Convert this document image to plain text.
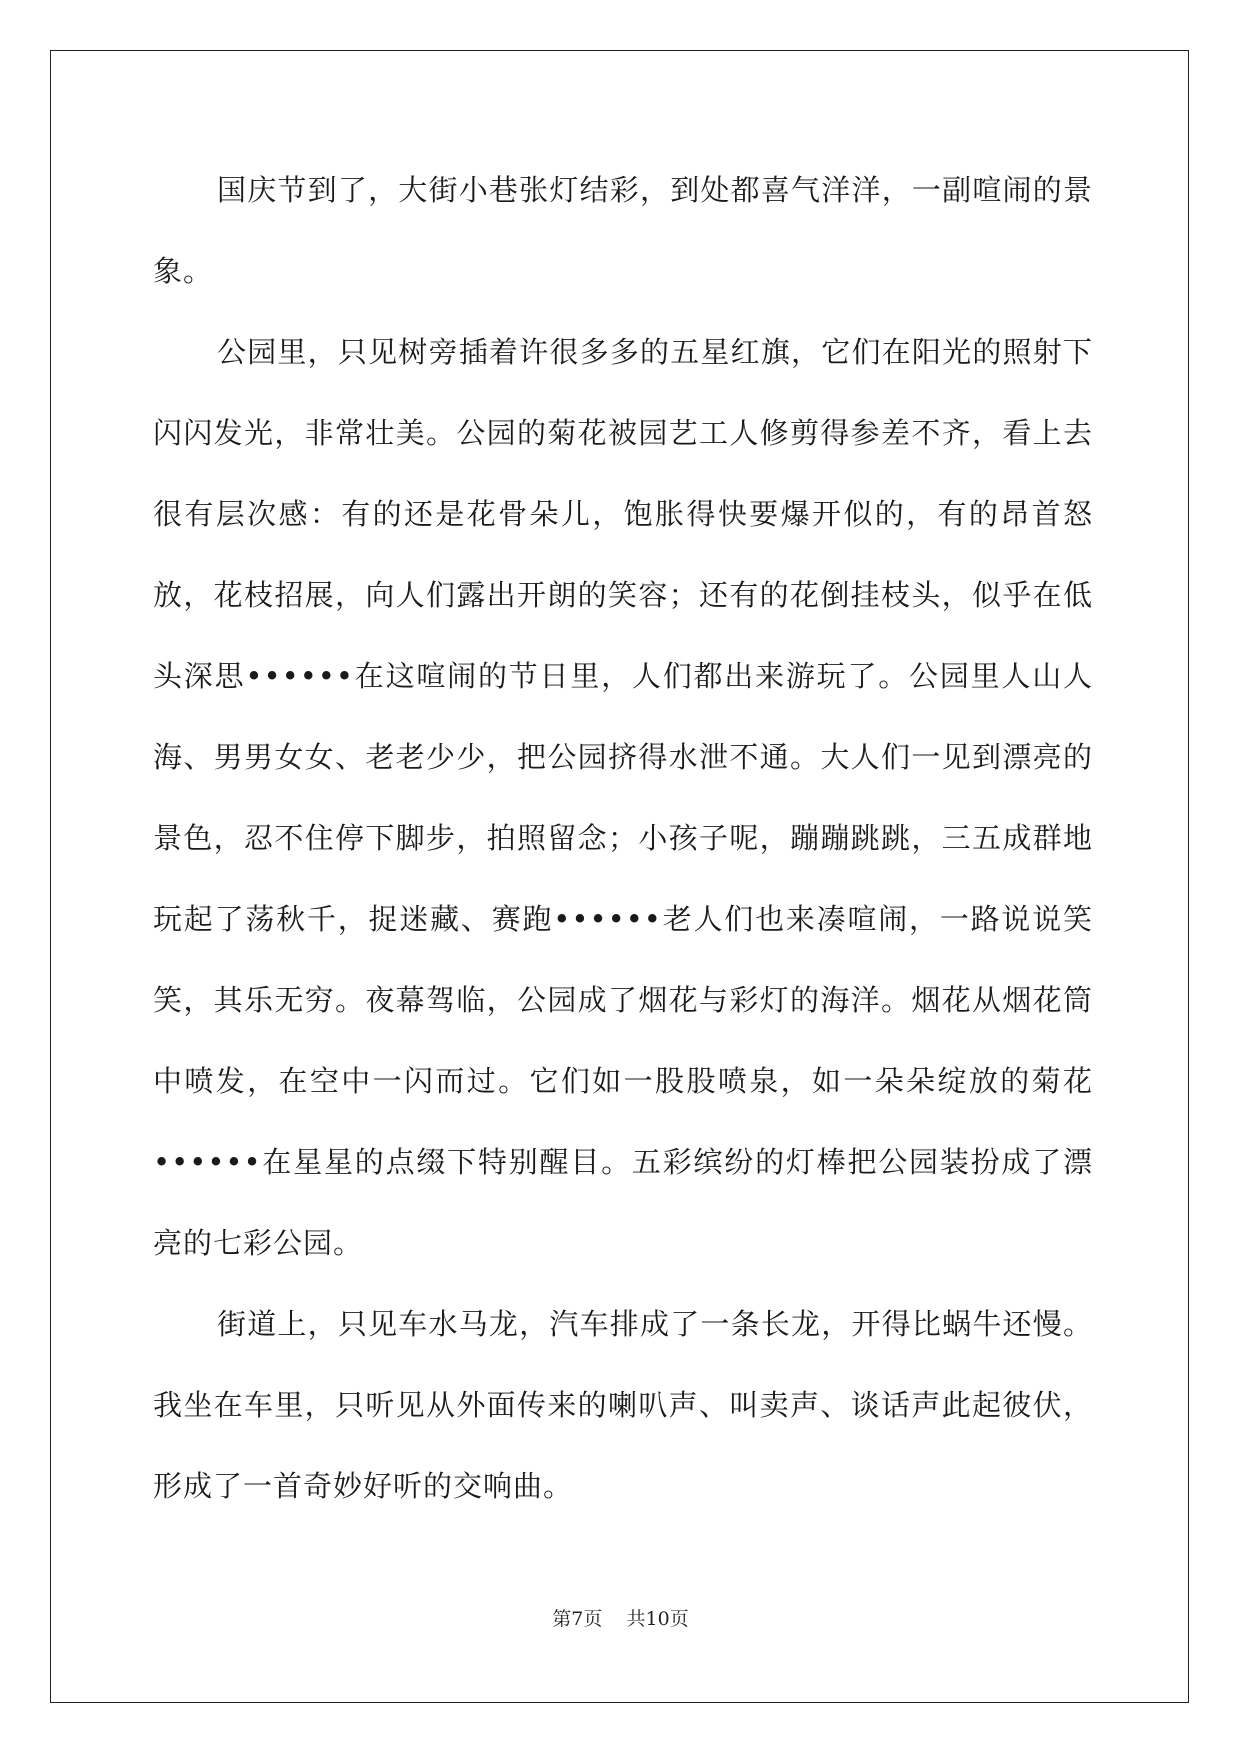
国庆节到了，大街小巷张灯结彩，到处都喜气洋洋，一副喧闹的景象。

公园里，只见树旁插着许很多多的五星红旗，它们在阳光的照射下闪闪发光，非常壮美。公园的菊花被园艺工人修剪得参差不齐，看上去很有层次感：有的还是花骨朵儿，饱胀得快要爆开似的，有的昂首怒放，花枝招展，向人们露出开朗的笑容；还有的花倒挂枝头，似乎在低头深思••••••在这喧闹的节日里，人们都出来游玩了。公园里人山人海、男男女女、老老少少，把公园挤得水泄不通。大人们一见到漂亮的景色，忍不住停下脚步，拍照留念；小孩子呢，蹦蹦跳跳，三五成群地玩起了荡秋千，捉迷藏、赛跑••••••老人们也来凑喧闹，一路说说笑笑，其乐无穷。夜幕驾临，公园成了烟花与彩灯的海洋。烟花从烟花筒中喷发，在空中一闪而过。它们如一股股喷泉，如一朵朵绽放的菊花••••••在星星的点缀下特别醒目。五彩缤纷的灯棒把公园装扮成了漂亮的七彩公园。

街道上，只见车水马龙，汽车排成了一条长龙，开得比蜗牛还慢。我坐在车里，只听见从外面传来的喇叭声、叫卖声、谈话声此起彼伏，形成了一首奇妙好听的交响曲。

第7页 共10页
